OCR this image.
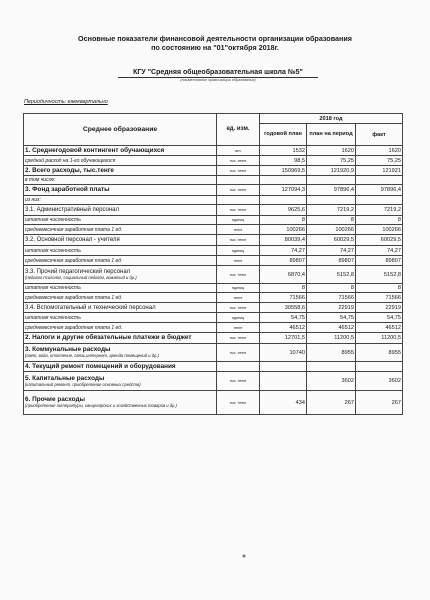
Основные показатели финансовой деятельности организации образования
по состоянию на "01"октября 2018г.
КГУ "Средняя общеобразовательная школа №5"
(наименование организации образования)
Периодичность: ежеквартально
Среднее образование	ед. изм.	2018 год		
		годовой план	план на период	факт
1. Среднегодовой контингент обучающихся	чел.	1532	1620	1620
средний расход на 1-го обучающегося	тыс. тенге	98,5	75,25	75,25
2. Всего расходы, тыс.тенге	тыс. тенге	150969,5	121920,9	121921
в том числе:				
3. Фонд заработной платы	тыс. тенге	127094,3	97896,4	97896,4
из них:				
3.1. Административный персонал	тыс. тенге	9625,6	7219,2	7219,2
штатная численность	единиц	8	8	8
среднемесячная заработная плата 1 ед.	тенге	100266	100266	100266
3.2. Основной персонал - учителя	тыс. тенге	80039,4	60029,5	60029,5
штатная численность	единиц	74,27	74,27	74,27
среднемесячная заработная плата 1 ед.	тенге	89807	89807	89807
3.3. Прочий педагогический персонал
(педагог-психолог, социальный педагог, вожатый и др.)	тыс. тенге	6870,4	5152,8	5152,8
штатная численность	единиц	8	8	8
среднемесячная заработная плата 1 ед.	тенге	71566	71566	71566
3.4. Вспомогательный и технический персонал	тыс. тенге	30558,6	22919	22919
штатная численность	единиц	54,75	54,75	54,75
среднемесячная заработная плата 1 ед.	тенге	46512	46512	46512
2. Налоги и другие обязательные платежи в бюджет	тыс. тенге	12701,5	11200,5	11200,5
3. Коммунальные расходы
(свет, вода, отопление, связь,интернет, аренда помещений и др.)	тыс. тенге	10740	8955	8955
4. Текущий ремонт помещений и оборудования				
5. Капитальные расходы
(капитальный ремонт, приобретение основных средств)	тыс. тенге		3602	3602
6. Прочие расходы
(приобретение литературы, канцелярских и хозяйственных товаров и др.)	тыс. тенге	434	267	267
